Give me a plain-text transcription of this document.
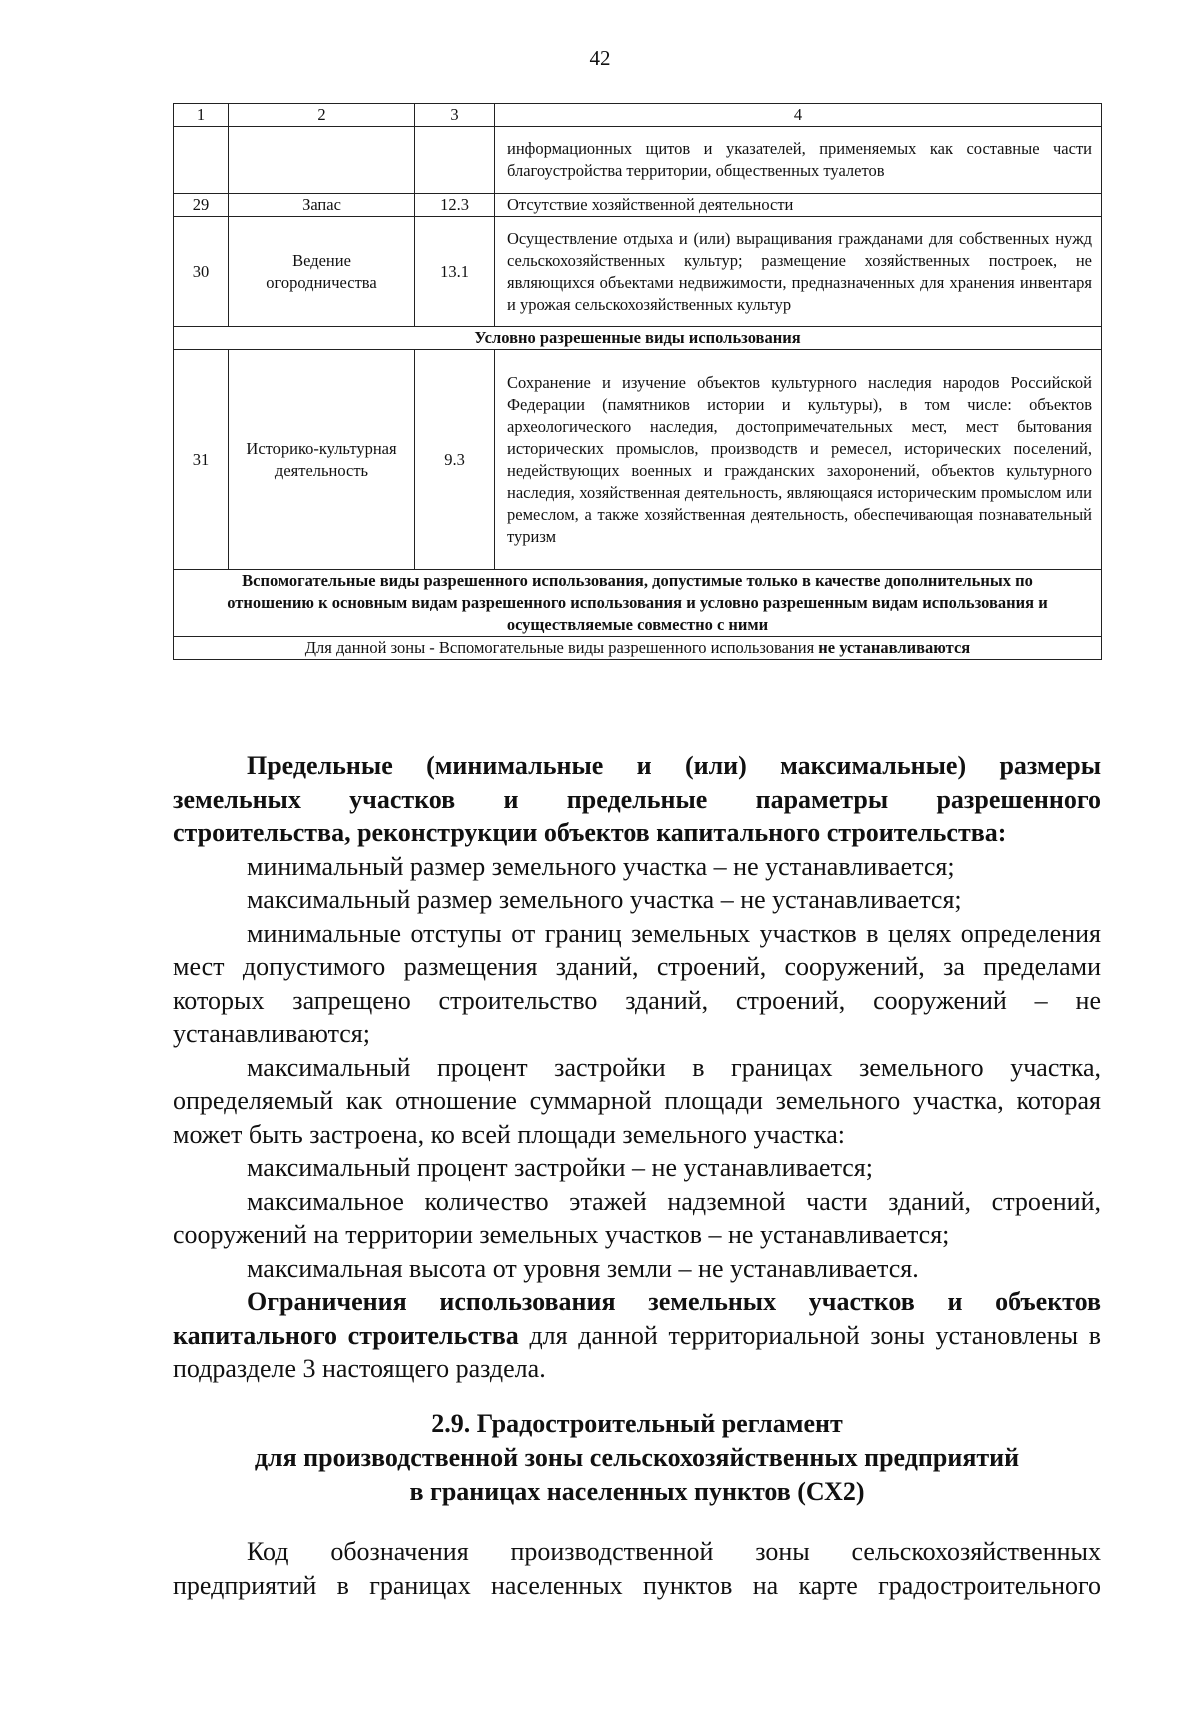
42
1	2	3	4
			информационных щитов и указателей, применяемых как составные части благоустройства территории, общественных туалетов
29	Запас	12.3	Отсутствие хозяйственной деятельности
30	Ведение огородничества	13.1	Осуществление отдыха и (или) выращивания гражданами для собственных нужд сельскохозяйственных культур; размещение хозяйственных построек, не являющихся объектами недвижимости, предназначенных для хранения инвентаря и урожая сельскохозяйственных культур
Условно разрешенные виды использования			
31	Историко-культурная деятельность	9.3	Сохранение и изучение объектов культурного наследия народов Российской Федерации (памятников истории и культуры), в том числе: объектов археологического наследия, достопримечательных мест, мест бытования исторических промыслов, производств и ремесел, исторических поселений, недействующих военных и гражданских захоронений, объектов культурного наследия, хозяйственная деятельность, являющаяся историческим промыслом или ремеслом, а также хозяйственная деятельность, обеспечивающая познавательный туризм
Вспомогательные виды разрешенного использования, допустимые только в качестве дополнительных по отношению к основным видам разрешенного использования и условно разрешенным видам использования и осуществляемые совместно с ними			
Для данной зоны - Вспомогательные виды разрешенного использования не устанавливаются			
Предельные (минимальные и (или) максимальные) размеры
земельных участков и предельные параметры разрешенного
строительства, реконструкции объектов капитального строительства:

минимальный размер земельного участка – не устанавливается;

максимальный размер земельного участка – не устанавливается;

минимальные отступы от границ земельных участков в целях определения мест допустимого размещения зданий, строений, сооружений, за пределами которых запрещено строительство зданий, строений, сооружений – не устанавливаются;

максимальный процент застройки в границах земельного участка, определяемый как отношение суммарной площади земельного участка, которая может быть застроена, ко всей площади земельного участка:

максимальный процент застройки – не устанавливается;

максимальное количество этажей надземной части зданий, строений, сооружений на территории земельных участков – не устанавливается;

максимальная высота от уровня земли – не устанавливается.

Ограничения использования земельных участков и объектов капитального строительства для данной территориальной зоны установлены в подразделе 3 настоящего раздела.

2.9. Градостроительный регламент
для производственной зоны сельскохозяйственных предприятий
в границах населенных пунктов (СХ2)
Код обозначения производственной зоны сельскохозяйственных
предприятий в границах населенных пунктов на карте градостроительного
